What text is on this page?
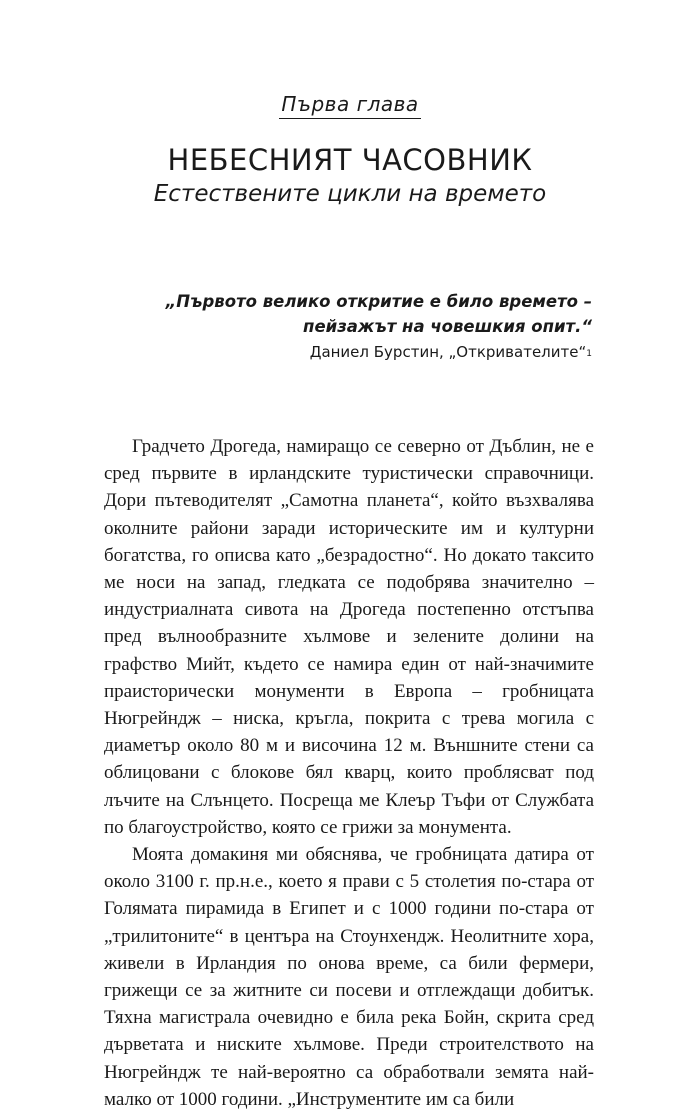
Първа глава
НЕБЕСНИЯТ ЧАСОВНИК
Естествените цикли на времето

„Първото велико откритие е било времето –
пейзажът на човешкия опит.“

Даниел Бурстин, „Откривателите“$^1$

Градчето Дрогеда, намиращо се северно от Дъблин, не е сред първите в ирландските туристически справочници. Дори пътеводителят „Самотна планета“, който възхвалява околните райони заради историческите им и културни богатства, го описва като „безрадостно“. Но докато таксито ме носи на запад, гледката се подобрява значително – индустриалната сивота на Дрогеда постепенно отстъпва пред вълнообразните хълмове и зелените долини на графство Мийт, където се намира един от най-значимите праисторически монументи в Европа – гробницата Нюгрейндж – ниска, кръгла, покрита с трева могила с диаметър около 80 м и височина 12 м. Външните стени са облицовани с блокове бял кварц, които проблясват под лъчите на Слънцето. Посреща ме Клеър Тъфи от Службата по благоустройство, която се грижи за монумента.

Моята домакиня ми обяснява, че гробницата датира от около 3100 г. пр.н.е., което я прави с 5 столетия по-стара от Голямата пирамида в Египет и с 1000 години по-стара от „трилитоните“ в центъра на Стоунхендж. Неолитните хора, живели в Ирландия по онова време, са били фермери, грижещи се за житните си посеви и отглеждащи добитък. Тяхна магистрала очевидно е била река Бойн, скрита сред дърветата и ниските хълмове. Преди строителството на Нюгрейндж те най-вероятно са обработвали земята най-малко от 1000 години. „Инструментите им са били
